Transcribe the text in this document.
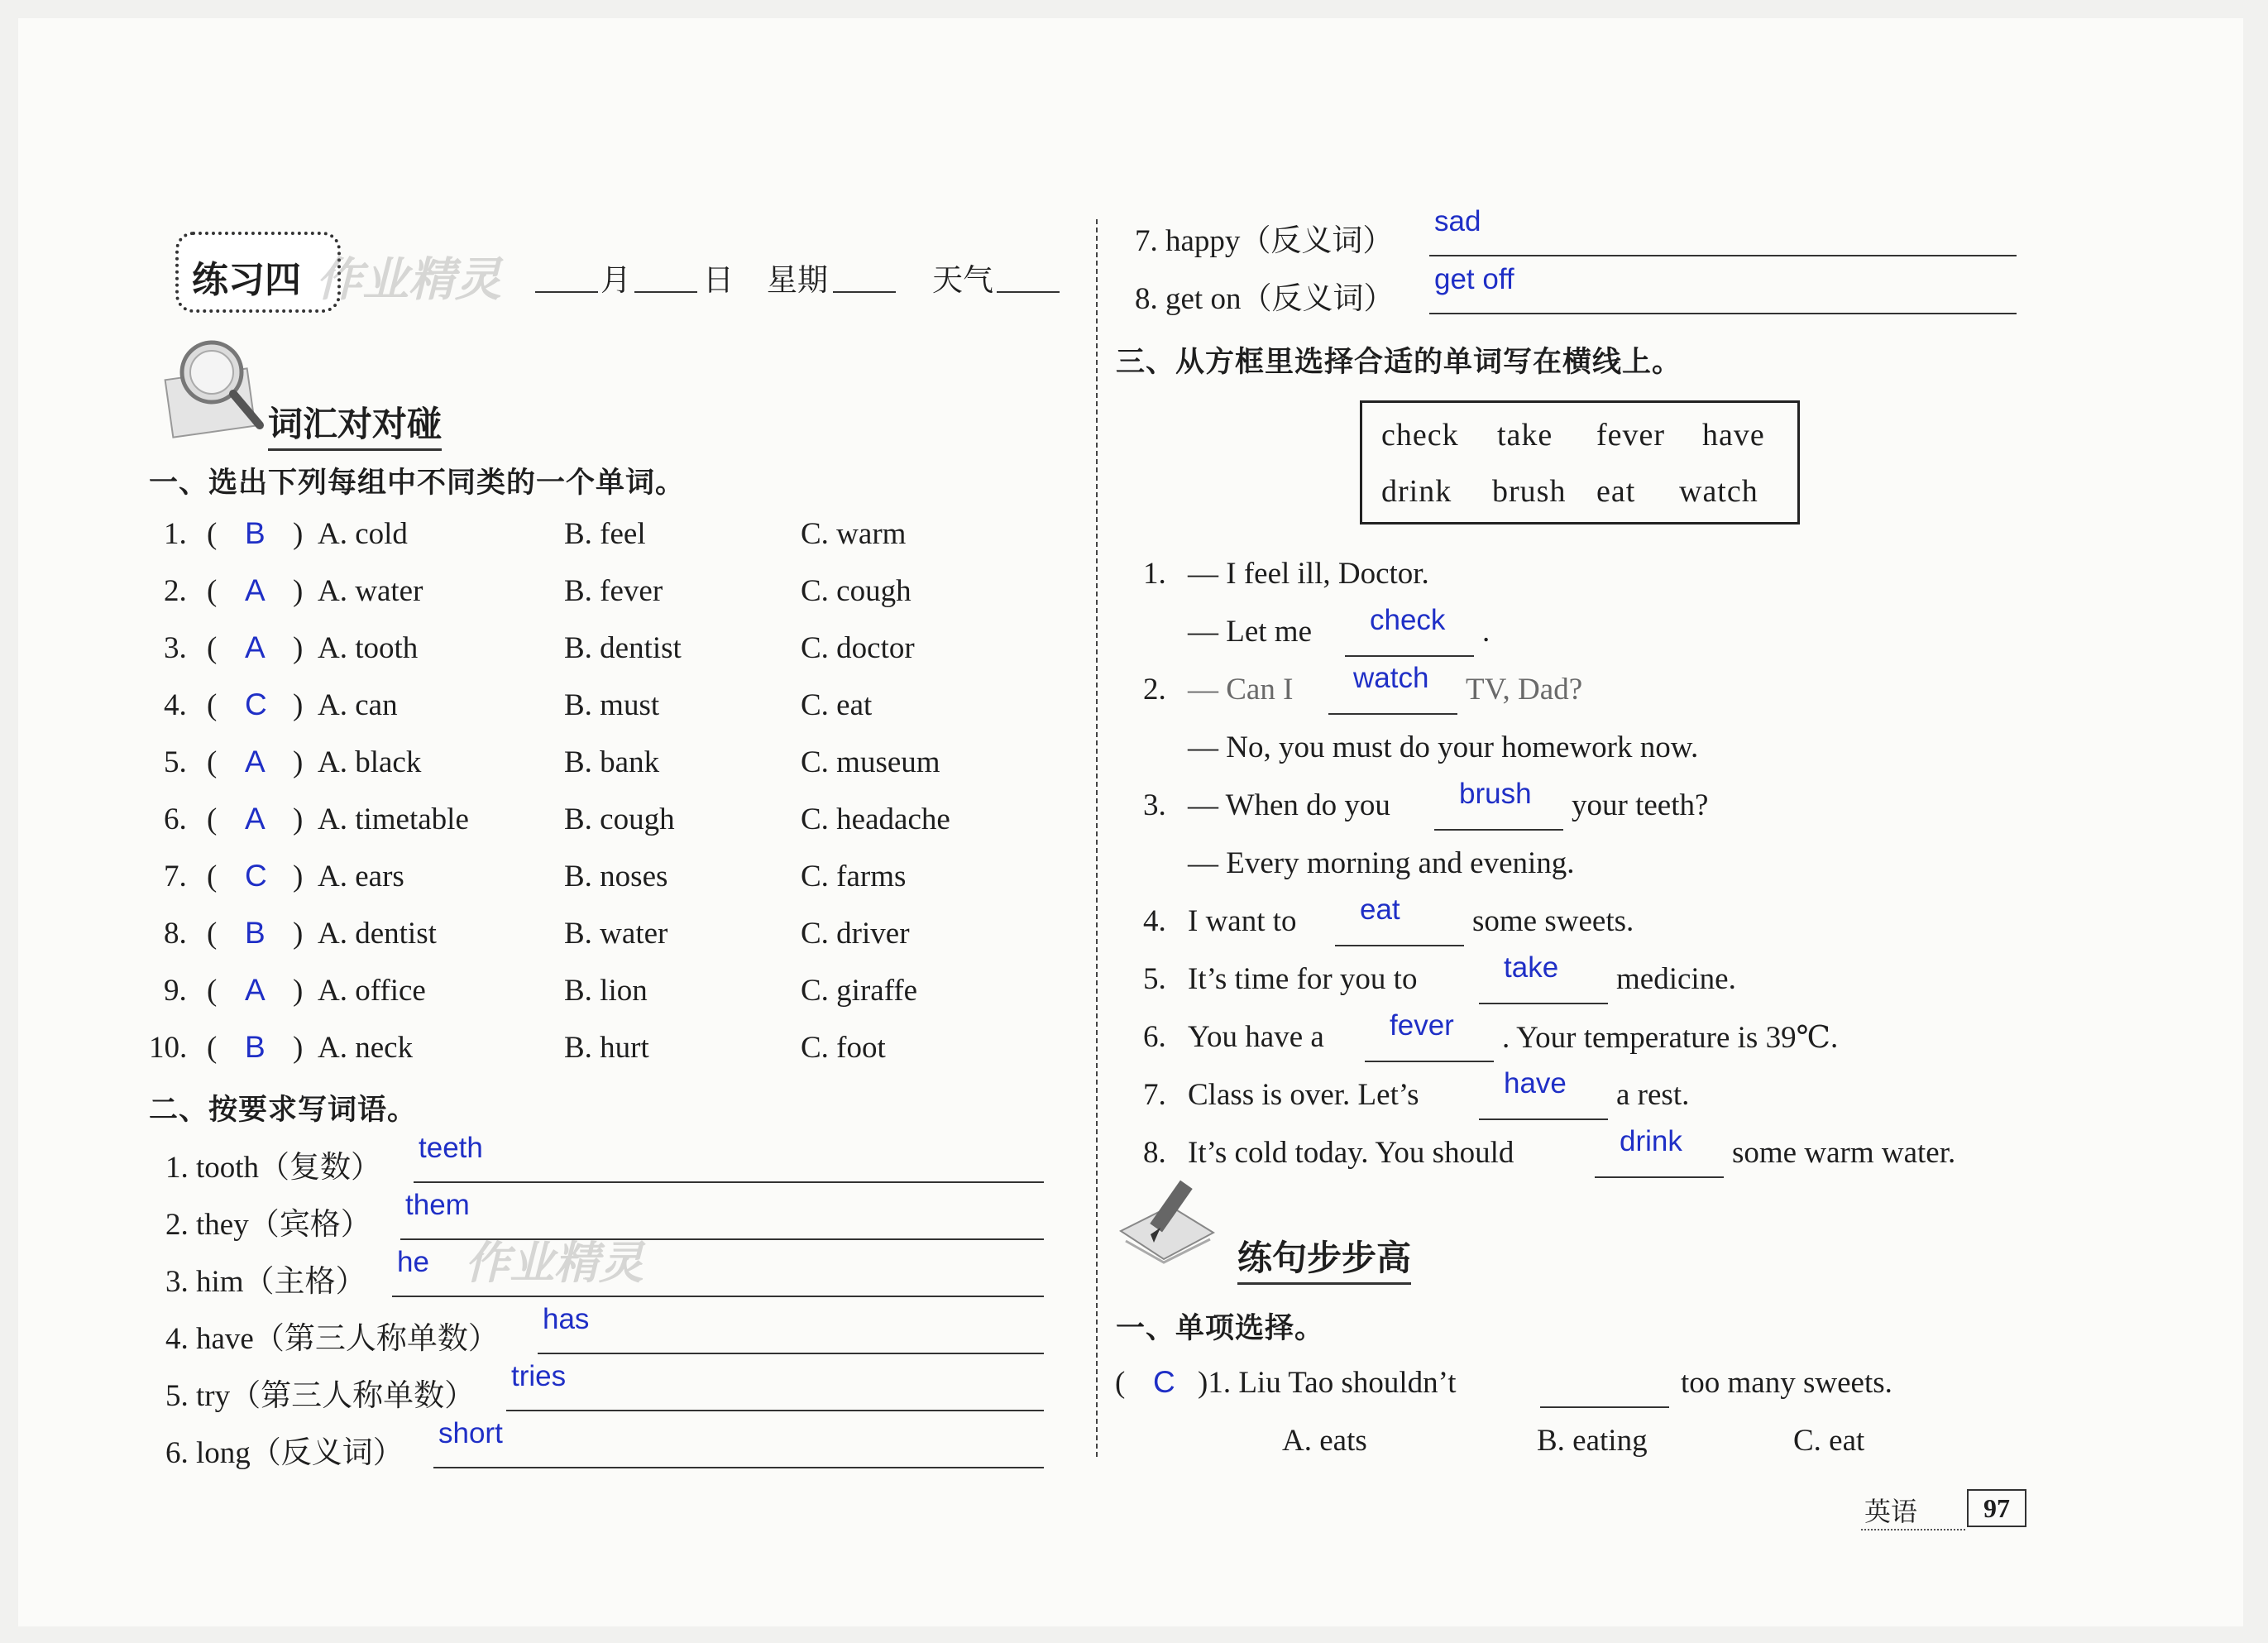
练习四 作业精灵	月 日 星期	天气
词汇对对碰
一、选出下列每组中不同类的一个单词。
1. ( B ) A. cold	B. feel	C. warm
2. ( A ) A. water	B. fever	C. cough
3. ( A ) A. tooth	B. dentist	C. doctor
4. ( C ) A. can	B. must	C. eat
5. ( A ) A. black	B. bank	C. museum
6. ( A ) A. timetable	B. cough	C. headache
7. ( C ) A. ears	B. noses	C. farms
8. ( B ) A. dentist	B. water	C. driver
9. ( A ) A. office	B. lion	C. giraffe
10. ( B ) A. neck	B. hurt	C. foot
二、按要求写词语。
1. tooth（复数）
teeth
2. they（宾格）
them
3. him（主格）
he
4. have（第三人称单数）
has
5. try（第三人称单数）
tries
6. long（反义词）
short
7. happy（反义词）
sad
8. get on（反义词）
get off
作业精灵
三、从方框里选择合适的单词写在横线上。
check take fever have
drink brush eat watch
1. — I feel ill, Doctor.
— Let me check .
2. — Can I watch TV, Dad?
— No, you must do your homework now.
3. — When do you brush your teeth?
— Every morning and evening.
4. I want to eat some sweets.
5. It’s time for you to	take medicine.
6. You have a fever . Your temperature is 39℃.
7. Class is over. Let’s	have a rest.
8. It’s cold today. You should	drink some warm water.
练句步步高
一、单项选择。
( C )1. Liu Tao shouldn’t	too many sweets.
A. eats	B. eating	C. eat
英语	97
